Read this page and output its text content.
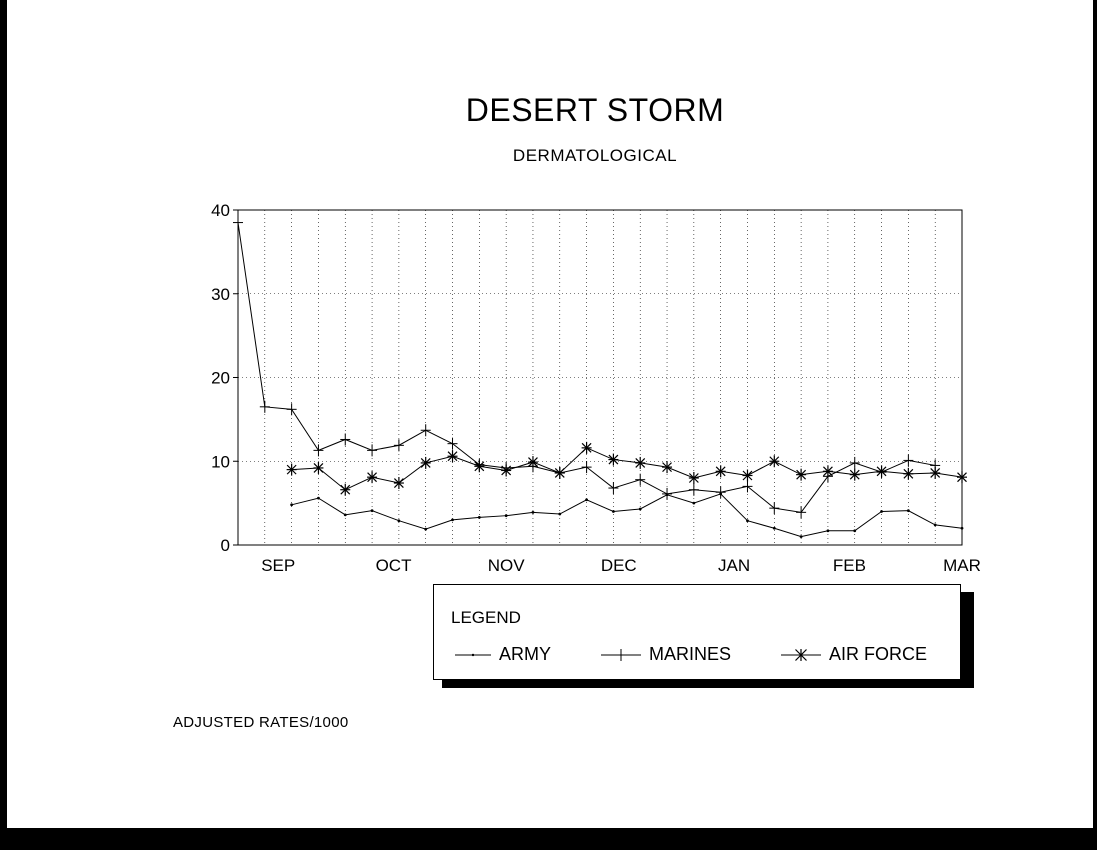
DESERT STORM
DERMATOLOGICAL
0
10
20
30
40
SEP	OCT	NOV	DEC	JAN	FEB	MAR
LEGEND
ARMY	MARINES	AIR FORCE
ADJUSTED RATES/1000
